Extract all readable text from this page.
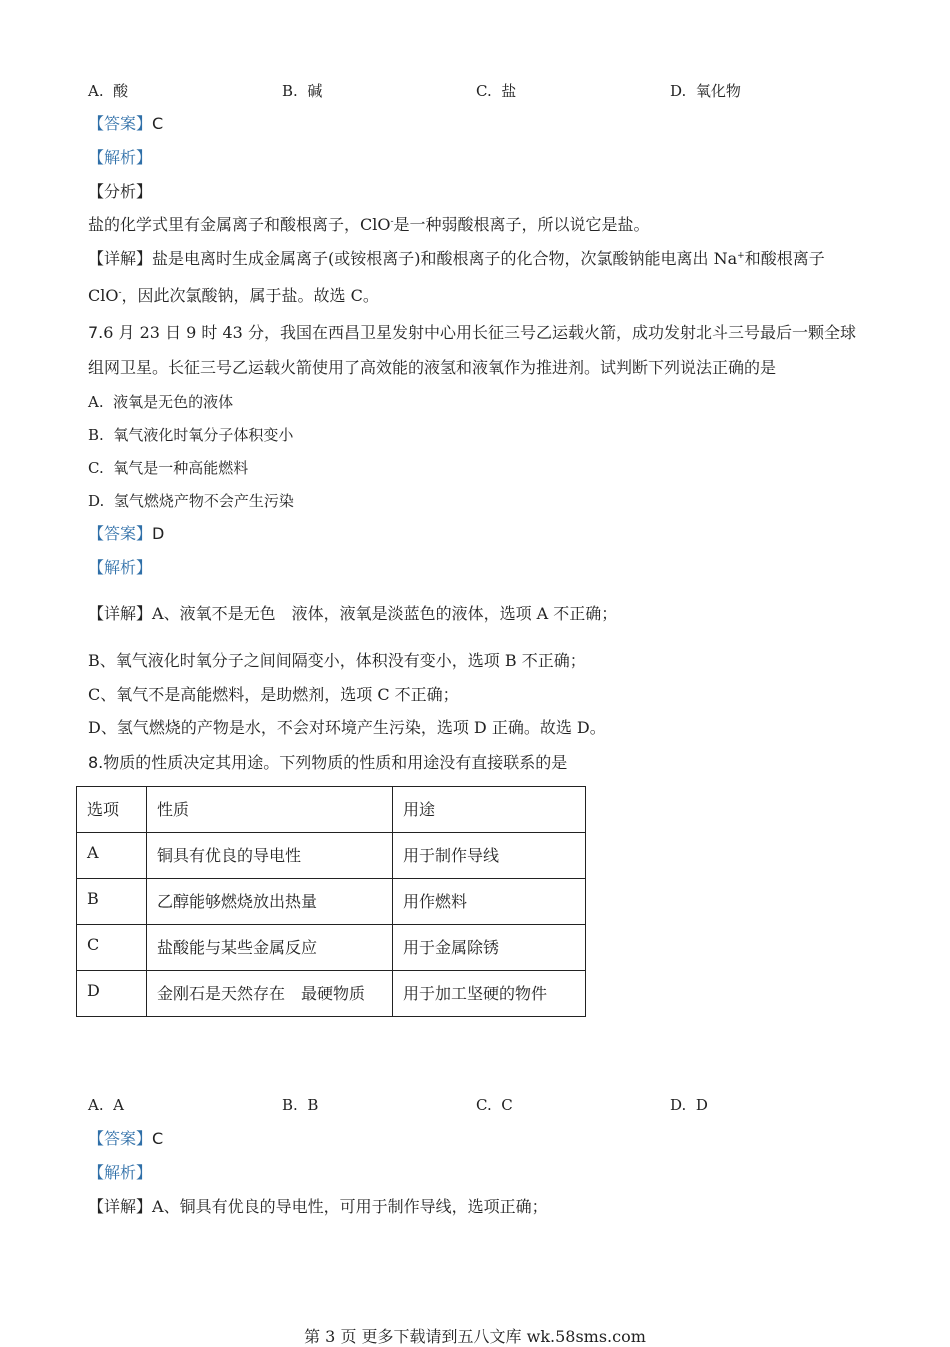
A. 酸	B. 碱	C. 盐	D. 氧化物
【答案】C
【解析】
【分析】
盐的化学式里有金属离子和酸根离子，ClO-是一种弱酸根离子，所以说它是盐。
【详解】盐是电离时生成金属离子(或铵根离子)和酸根离子的化合物，次氯酸钠能电离出 Na+和酸根离子
ClO-，因此次氯酸钠，属于盐。故选 C。
7.6 月 23 日 9 时 43 分，我国在西昌卫星发射中心用长征三号乙运载火箭，成功发射北斗三号最后一颗全球
组网卫星。长征三号乙运载火箭使用了高效能的液氢和液氧作为推进剂。试判断下列说法正确的是
A. 液氧是无色的液体
B. 氧气液化时氧分子体积变小
C. 氧气是一种高能燃料
D. 氢气燃烧产物不会产生污染
【答案】D
【解析】
【详解】A、液氧不是无色　液体，液氧是淡蓝色的液体，选项 A 不正确；
B、氧气液化时氧分子之间间隔变小，体积没有变小，选项 B 不正确；
C、氧气不是高能燃料，是助燃剂，选项 C 不正确；
D、氢气燃烧的产物是水，不会对环境产生污染，选项 D 正确。故选 D。
8.物质的性质决定其用途。下列物质的性质和用途没有直接联系的是
选项	性质	用途
A	铜具有优良的导电性	用于制作导线
B	乙醇能够燃烧放出热量	用作燃料
C	盐酸能与某些金属反应	用于金属除锈
D	金刚石是天然存在　最硬物质	用于加工坚硬的物件
A. A	B. B	C. C	D. D
【答案】C
【解析】
【详解】A、铜具有优良的导电性，可用于制作导线，选项正确；
第 3 页 更多下载请到五八文库 wk.58sms.com
